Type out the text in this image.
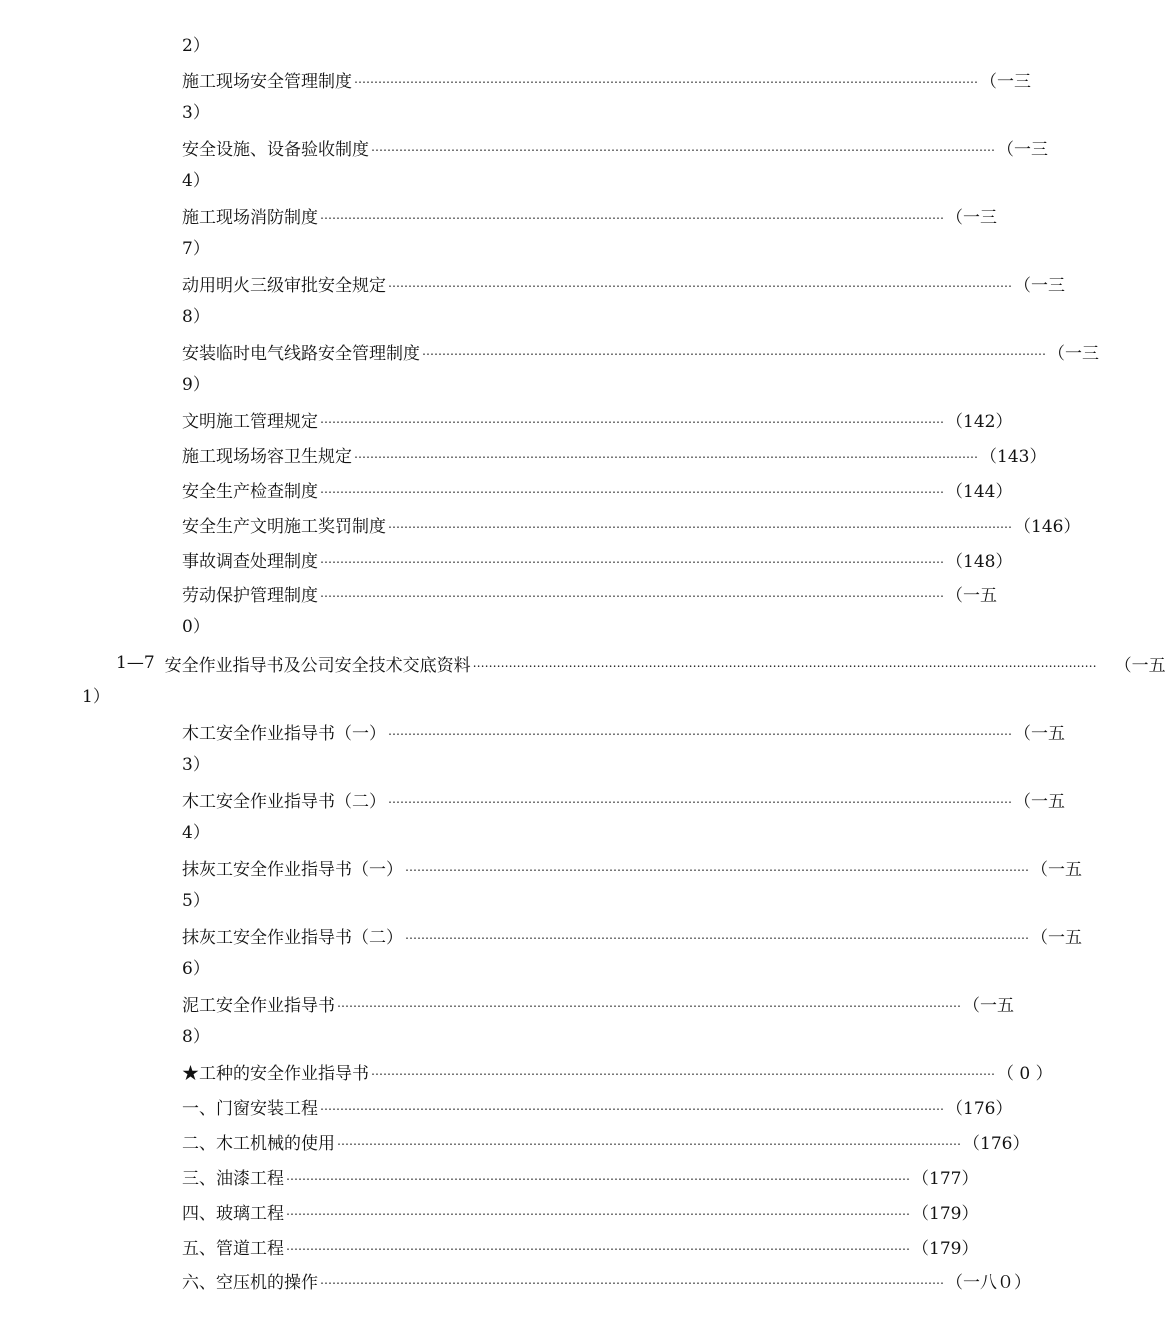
2）
施工现场安全管理制度 ………………………………………………………………………………………………………………………………………… （一三
3）
安全设施、设备验收制度 ………………………………………………………………………………………………………………………………………… （一三
4）
施工现场消防制度 ………………………………………………………………………………………………………………………………………… （一三
7）
动用明火三级审批安全规定 ………………………………………………………………………………………………………………………………………… （一三
8）
安装临时电气线路安全管理制度 ………………………………………………………………………………………………………………………………………… （一三
9）
文明施工管理规定 ………………………………………………………………………………………………………………………………………… （142）
施工现场场容卫生规定 ………………………………………………………………………………………………………………………………………… （143）
安全生产检查制度 ………………………………………………………………………………………………………………………………………… （144）
安全生产文明施工奖罚制度 ………………………………………………………………………………………………………………………………………… （146）
事故调查处理制度 ………………………………………………………………………………………………………………………………………… （148）
劳动保护管理制度 ………………………………………………………………………………………………………………………………………… （一五
0）
1—7 安全作业指导书及公司安全技术交底资料 ………………………………………………………………………………………………………………………………………… （一五
1）
木工安全作业指导书（一） ………………………………………………………………………………………………………………………………………… （一五
3）
木工安全作业指导书（二） ………………………………………………………………………………………………………………………………………… （一五
4）
抹灰工安全作业指导书（一） ………………………………………………………………………………………………………………………………………… （一五
5）
抹灰工安全作业指导书（二） ………………………………………………………………………………………………………………………………………… （一五
6）
泥工安全作业指导书 ………………………………………………………………………………………………………………………………………… （一五
8）
★工种的安全作业指导书 ………………………………………………………………………………………………………………………………………… （ 0 ）
一、门窗安装工程 ………………………………………………………………………………………………………………………………………… （176）
二、木工机械的使用 ………………………………………………………………………………………………………………………………………… （176）
三、油漆工程 ………………………………………………………………………………………………………………………………………… （177）
四、玻璃工程 ………………………………………………………………………………………………………………………………………… （179）
五、管道工程 ………………………………………………………………………………………………………………………………………… （179）
六、空压机的操作 ………………………………………………………………………………………………………………………………………… （一八０）
